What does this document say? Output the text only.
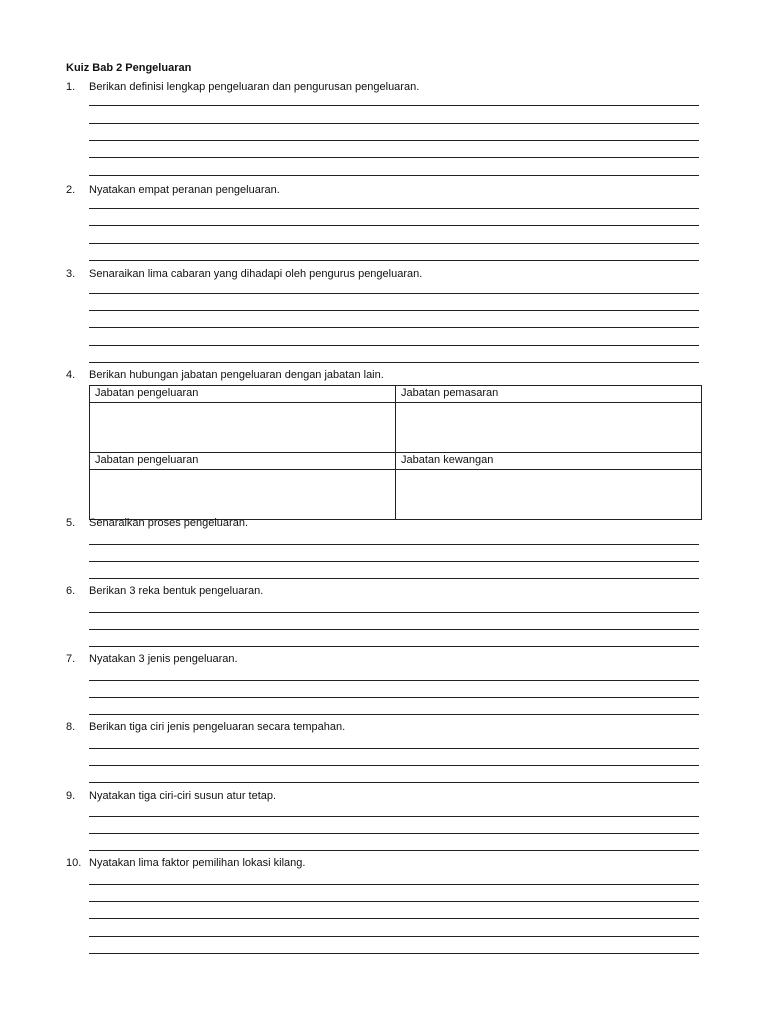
Kuiz Bab 2 Pengeluaran
1. Berikan definisi lengkap pengeluaran dan pengurusan pengeluaran.
2. Nyatakan empat peranan pengeluaran.
3. Senaraikan lima cabaran yang dihadapi oleh pengurus pengeluaran.
4. Berikan hubungan jabatan pengeluaran dengan jabatan lain.
Jabatan pengeluaran	Jabatan pemasaran

Jabatan pengeluaran	Jabatan kewangan

5. Senaraikan proses pengeluaran.
6. Berikan 3 reka bentuk pengeluaran.
7. Nyatakan 3 jenis pengeluaran.
8. Berikan tiga ciri jenis pengeluaran secara tempahan.
9. Nyatakan tiga ciri-ciri susun atur tetap.
10. Nyatakan lima faktor pemilihan lokasi kilang.
